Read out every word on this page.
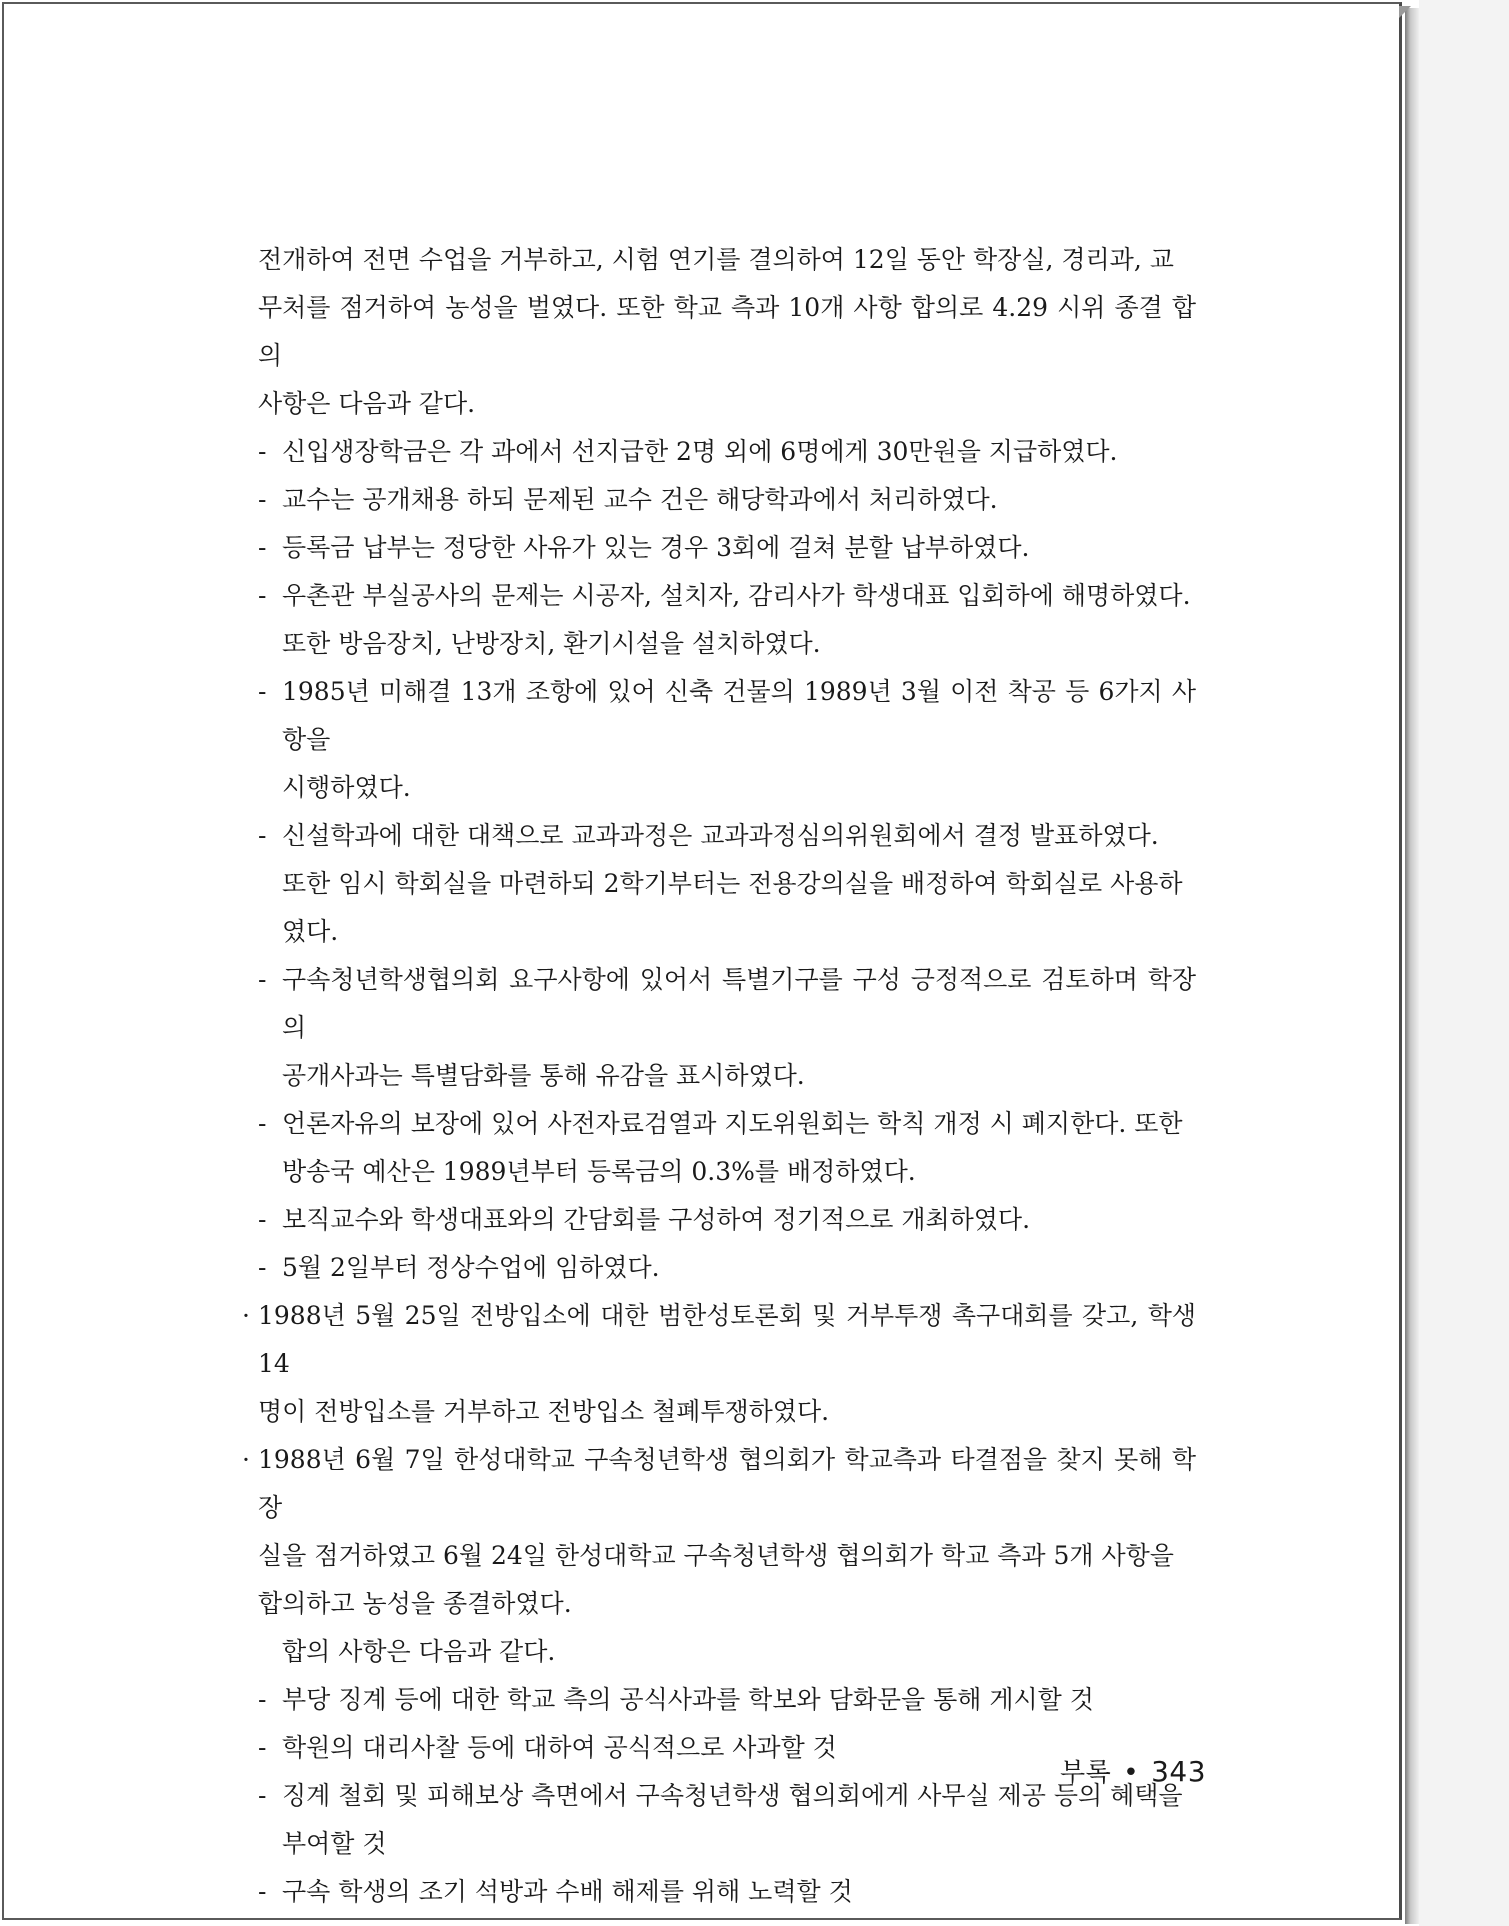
전개하여 전면 수업을 거부하고, 시험 연기를 결의하여 12일 동안 학장실, 경리과, 교
무처를 점거하여 농성을 벌였다. 또한 학교 측과 10개 사항 합의로 4.29 시위 종결 합의
사항은 다음과 같다.
- 신입생장학금은 각 과에서 선지급한 2명 외에 6명에게 30만원을 지급하였다.
- 교수는 공개채용 하되 문제된 교수 건은 해당학과에서 처리하였다.
- 등록금 납부는 정당한 사유가 있는 경우 3회에 걸쳐 분할 납부하였다.
- 우촌관 부실공사의 문제는 시공자, 설치자, 감리사가 학생대표 입회하에 해명하였다.
또한 방음장치, 난방장치, 환기시설을 설치하였다.
- 1985년 미해결 13개 조항에 있어 신축 건물의 1989년 3월 이전 착공 등 6가지 사항을
시행하였다.
- 신설학과에 대한 대책으로 교과과정은 교과과정심의위원회에서 결정 발표하였다.
또한 임시 학회실을 마련하되 2학기부터는 전용강의실을 배정하여 학회실로 사용하
였다.
- 구속청년학생협의회 요구사항에 있어서 특별기구를 구성 긍정적으로 검토하며 학장의
공개사과는 특별담화를 통해 유감을 표시하였다.
- 언론자유의 보장에 있어 사전자료검열과 지도위원회는 학칙 개정 시 폐지한다. 또한
방송국 예산은 1989년부터 등록금의 0.3%를 배정하였다.
- 보직교수와 학생대표와의 간담회를 구성하여 정기적으로 개최하였다.
- 5월 2일부터 정상수업에 임하였다.
· 1988년 5월 25일 전방입소에 대한 범한성토론회 및 거부투쟁 촉구대회를 갖고, 학생 14
명이 전방입소를 거부하고 전방입소 철폐투쟁하였다.
· 1988년 6월 7일 한성대학교 구속청년학생 협의회가 학교측과 타결점을 찾지 못해 학장
실을 점거하였고 6월 24일 한성대학교 구속청년학생 협의회가 학교 측과 5개 사항을
합의하고 농성을 종결하였다.
합의 사항은 다음과 같다.
- 부당 징계 등에 대한 학교 측의 공식사과를 학보와 담화문을 통해 게시할 것
- 학원의 대리사찰 등에 대하여 공식적으로 사과할 것
- 징계 철회 및 피해보상 측면에서 구속청년학생 협의회에게 사무실 제공 등의 혜택을
부여할 것
- 구속 학생의 조기 석방과 수배 해제를 위해 노력할 것
부록 • 343
